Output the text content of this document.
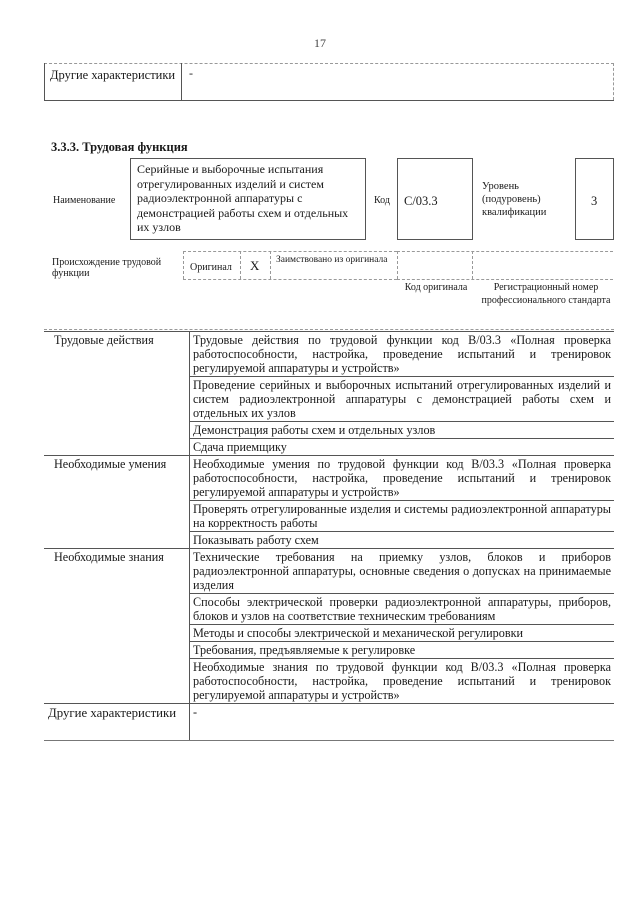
17
Другие характеристики -
3.3.3. Трудовая функция
Наименование
Серийные и выборочные испытания отрегулированных изделий и систем радиоэлектронной аппаратуры с демонстрацией работы схем и отдельных их узлов
Код С/03.3
Уровень (подуровень) квалификации
3
Происхождение трудовой функции
Оригинал X Заимствовано из оригинала
Код оригинала	Регистрационный номер профессионального стандарта
Трудовые действия	Трудовые действия по трудовой функции код В/03.3 «Полная проверка работоспособности, настройка, проведение испытаний и тренировок регулируемой аппаратуры и устройств»
	Проведение серийных и выборочных испытаний отрегулированных изделий и систем радиоэлектронной аппаратуры с демонстрацией работы схем и отдельных их узлов
	Демонстрация работы схем и отдельных узлов
	Сдача приемщику
Необходимые умения	Необходимые умения по трудовой функции код В/03.3 «Полная проверка работоспособности, настройка, проведение испытаний и тренировок регулируемой аппаратуры и устройств»
	Проверять отрегулированные изделия и системы радиоэлектронной аппаратуры на корректность работы
	Показывать работу схем
Необходимые знания	Технические требования на приемку узлов, блоков и приборов радиоэлектронной аппаратуры, основные сведения о допусках на принимаемые изделия
	Способы электрической проверки радиоэлектронной аппаратуры, приборов, блоков и узлов на соответствие техническим требованиям
	Методы и способы электрической и механической регулировки
	Требования, предъявляемые к регулировке
	Необходимые знания по трудовой функции код В/03.3 «Полная проверка работоспособности, настройка, проведение испытаний и тренировок регулируемой аппаратуры и устройств»
Другие характеристики	-
